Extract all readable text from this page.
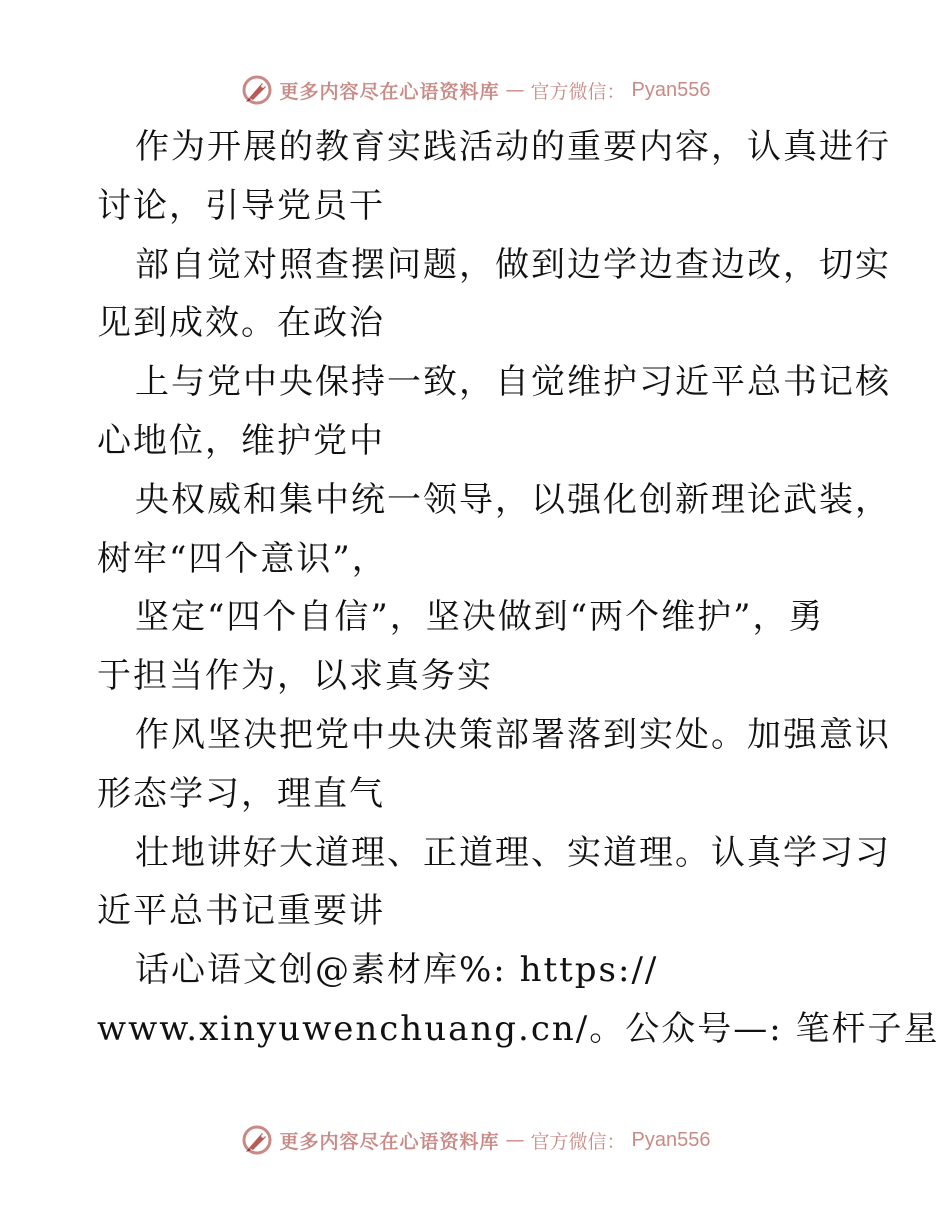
更多内容尽在心语资料库 — 官方微信： Pyan556
作为开展的教育实践活动的重要内容，认真进行
讨论，引导党员干
部自觉对照查摆问题，做到边学边查边改，切实
见到成效。在政治
上与党中央保持一致，自觉维护习近平总书记核
心地位，维护党中
央权威和集中统一领导，以强化创新理论武装，
树牢“四个意识”，
坚定“四个自信”，坚决做到“两个维护”，勇
于担当作为，以求真务实
作风坚决把党中央决策部署落到实处。加强意识
形态学习，理直气
壮地讲好大道理、正道理、实道理。认真学习习
近平总书记重要讲
话心语文创@素材库%: https://
www.xinyuwenchuang.cn/。公众号—: 笔杆子星
更多内容尽在心语资料库 — 官方微信： Pyan556
